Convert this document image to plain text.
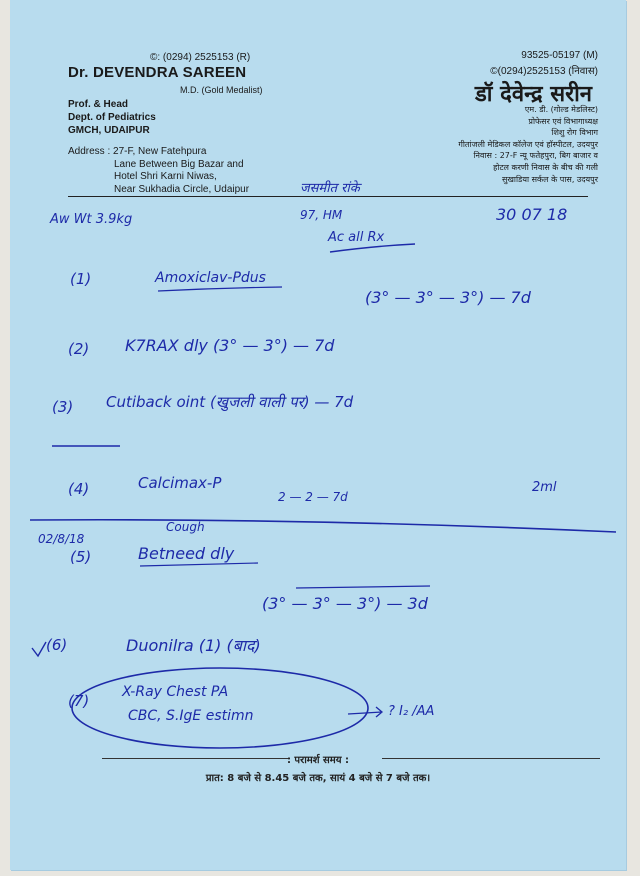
©: (0294) 2525153 (R)
Dr. DEVENDRA SAREEN
M.D. (Gold Medalist)
Prof. & Head
Dept. of Pediatrics
GMCH, UDAIPUR
Address : 27-F, New Fatehpura
Lane Between Big Bazar and
Hotel Shri Karni Niwas,
Near Sukhadia Circle, Udaipur
93525-05197 (M)
©(0294)2525153 (निवास)
डॉ देवेन्द्र सरीन
एम. डी. (गोल्ड मेडलिस्ट)
प्रोफेसर एवं विभागाध्यक्ष
शिशु रोग विभाग
गीतांजली मेडिकल कॉलेज एवं हॉस्पीटल, उदयपुर
निवास : 27-F न्यू फतेहपुरा, बिग बाजार व
होटल करणी निवास के बीच की गली
सुखाडिया सर्कल के पास, उदयपुर
जसमीत रांके
30 07 18
Aw Wt 3.9kg	97, HM
Ac all Rx
(1)	Amoxiclav-Pdus
(3° — 3° — 3°) — 7d
(2) K7RAX dly (3° — 3°) — 7d
(3) Cutiback oint (खुजली वाली पर) — 7d
(4)	Calcimax-P
2 — 2 — 7d
2ml
02/8/18
Cough
(5)	Betneed dly
(3° — 3° — 3°) — 3d
(6)	Duonilra (1) (बाद)
(7) X-Ray Chest PA
CBC, S.IgE estimn	? I₂ /AA
: परामर्श समय :
प्रात: 8 बजे से 8.45 बजे तक, सायं 4 बजे से 7 बजे तक।
